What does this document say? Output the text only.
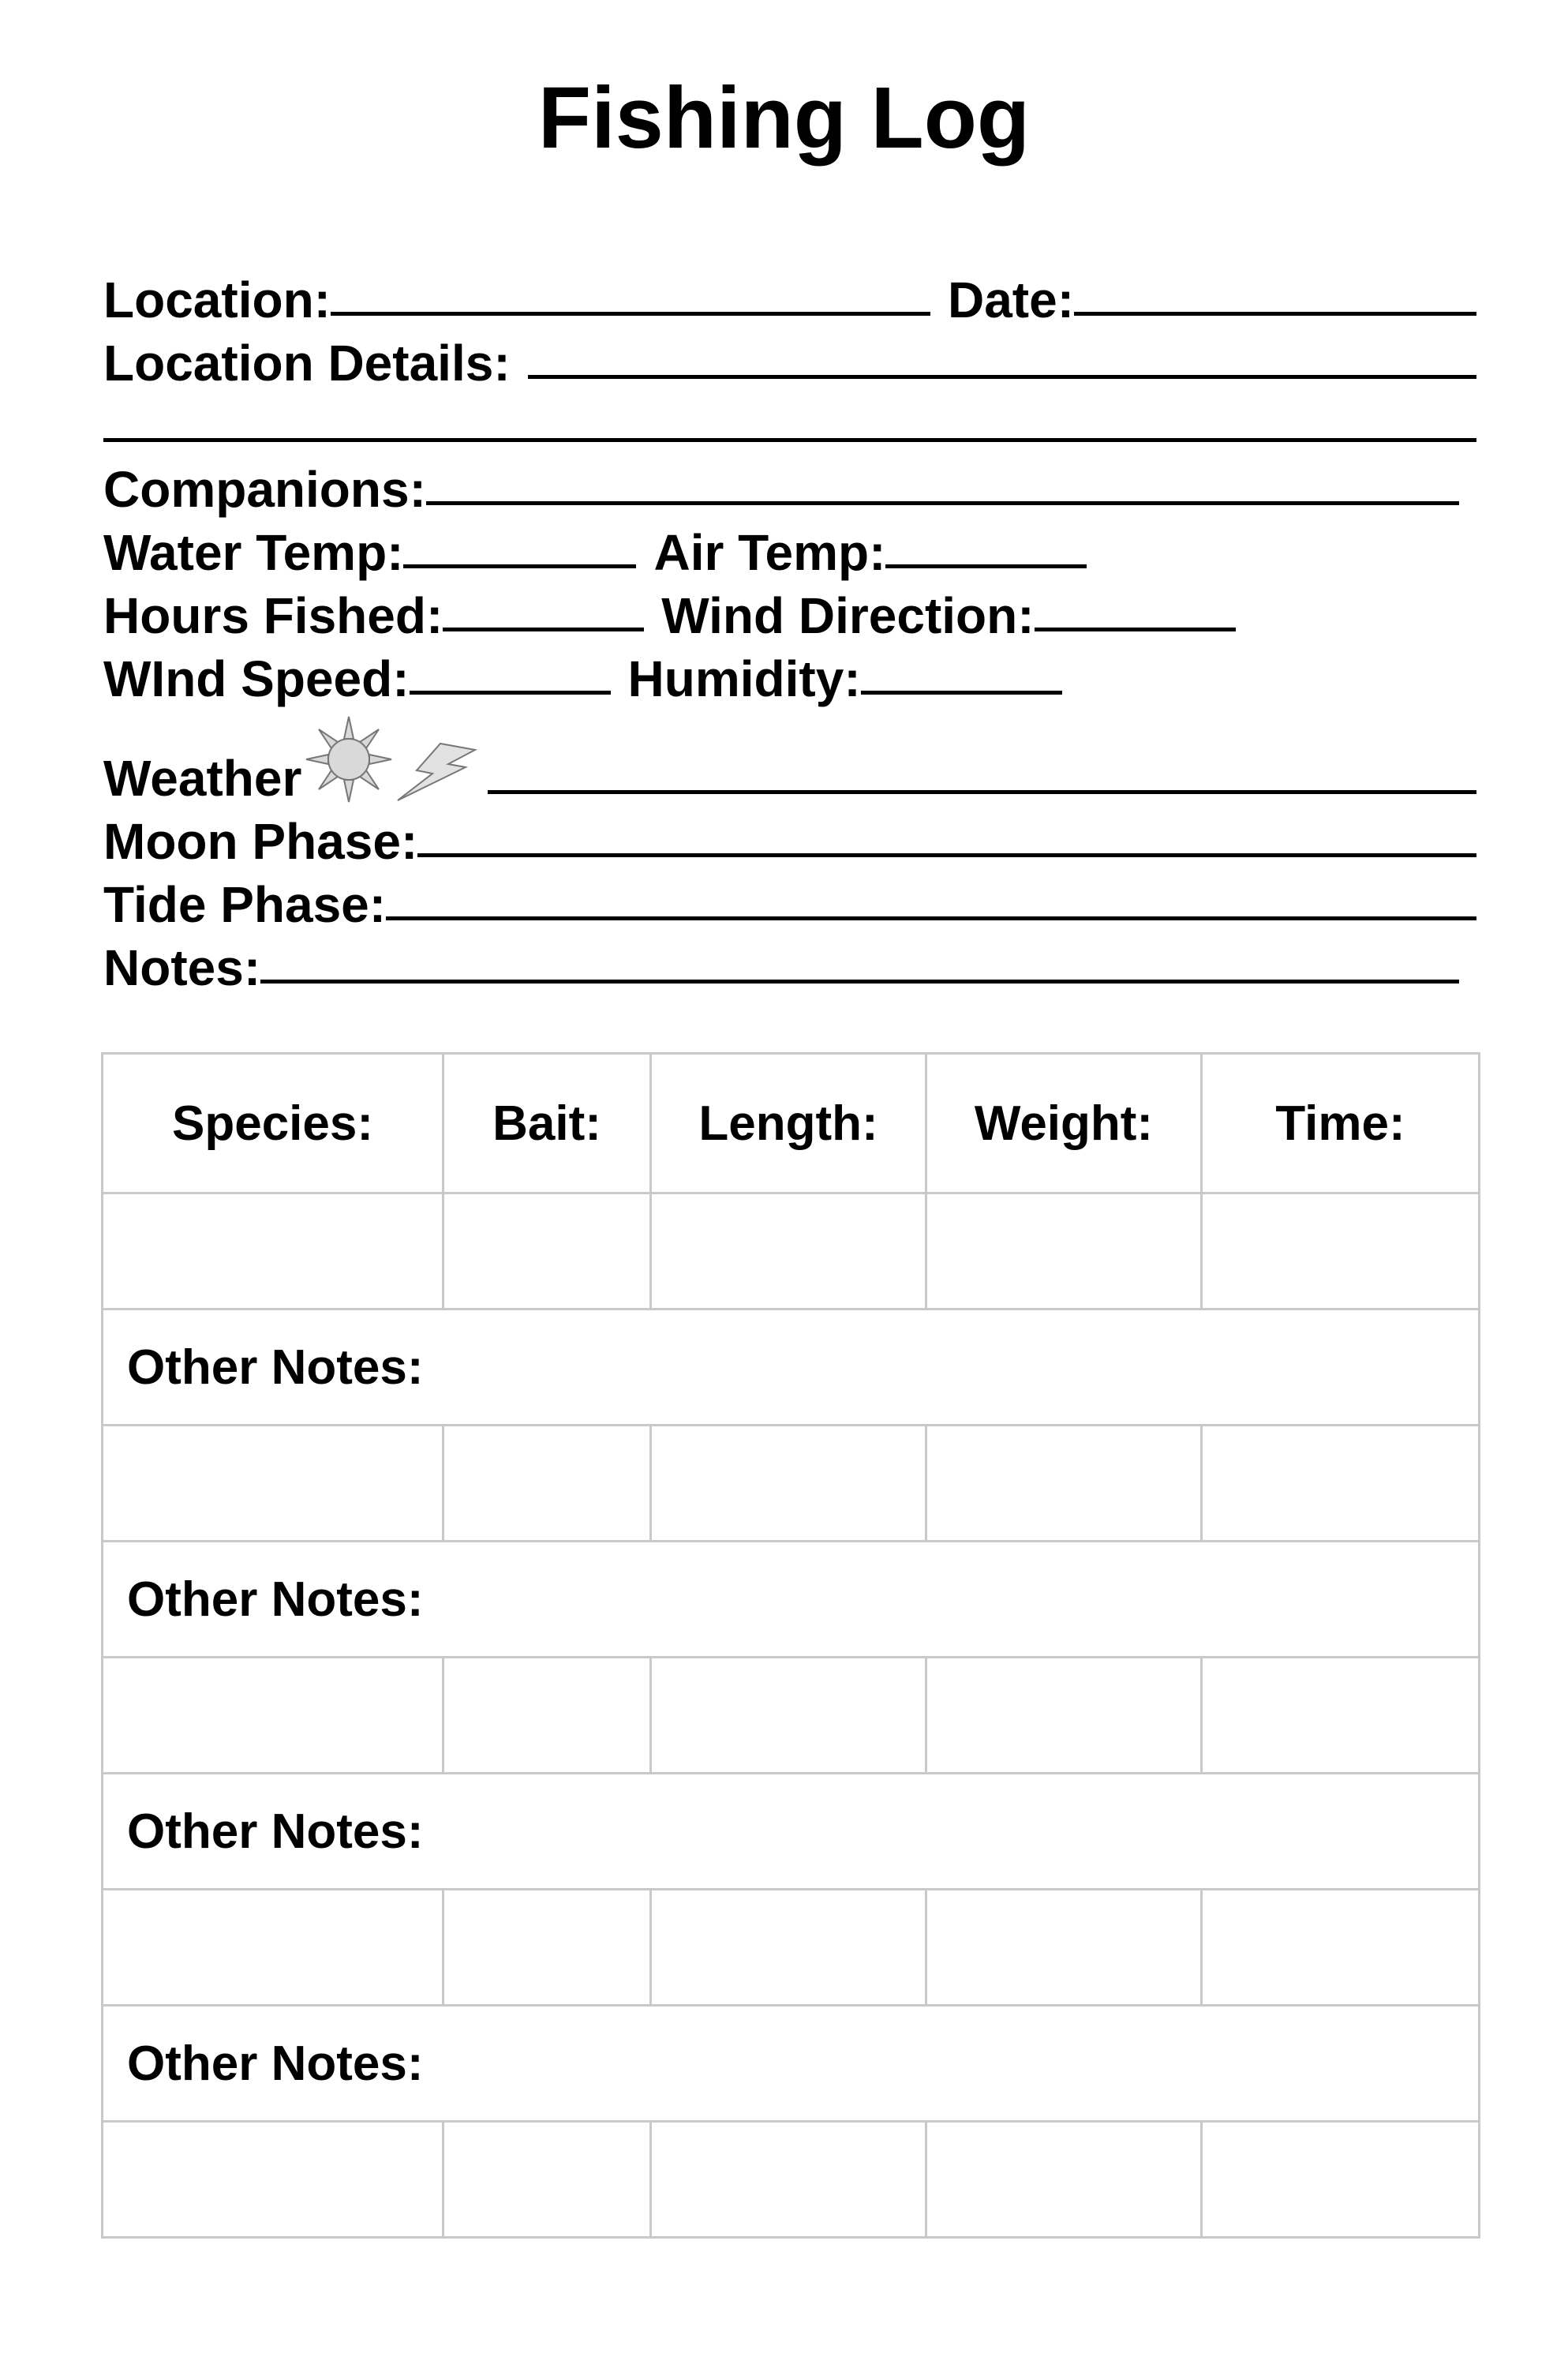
Fishing Log
Location:	Date:
Location Details:
Companions:
Water Temp:	Air Temp:
Hours Fished:	Wind Direction:
WInd Speed:	Humidity:
Weather
Moon Phase:
Tide Phase:
Notes:
Species:	Bait:	Length:	Weight:	Time:

Other Notes:				

Other Notes:				

Other Notes:				

Other Notes:				
